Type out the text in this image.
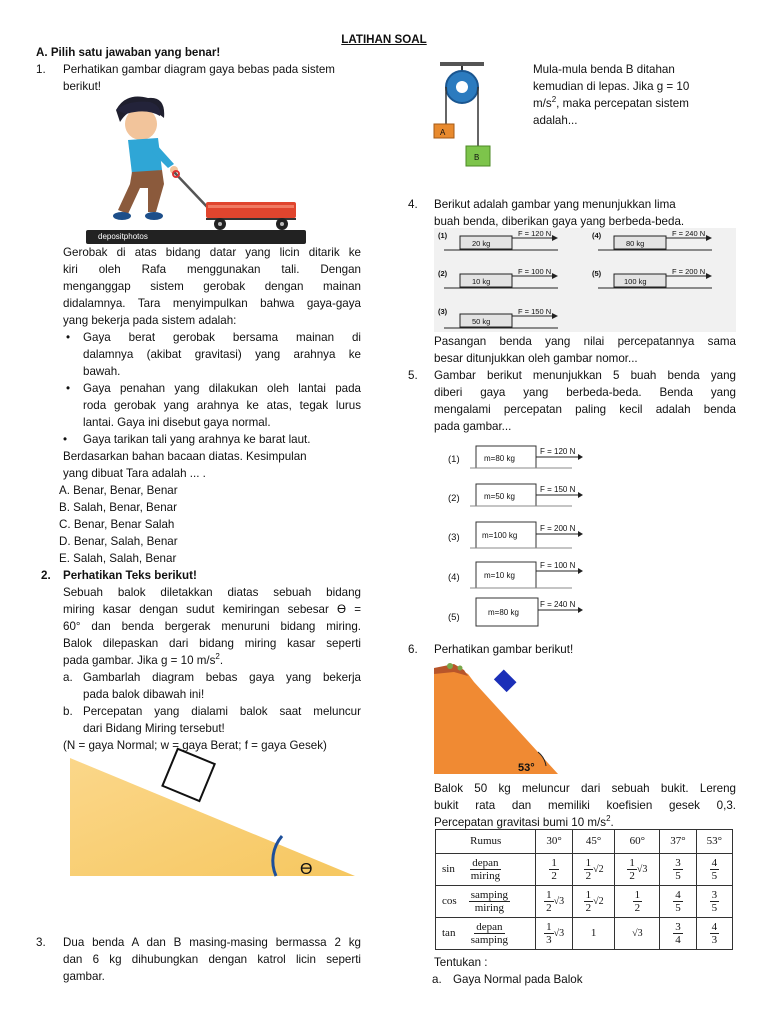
LATIHAN SOAL
A. Pilih satu jawaban yang benar!
1. Perhatikan gambar diagram gaya bebas pada sistem
berikut!
depositphotos
Gerobak di atas bidang datar yang licin ditarik ke
kiri oleh Rafa menggunakan tali. Dengan
menganggap sistem gerobak dengan mainan
didalamnya. Tara menyimpulkan bahwa gaya-gaya
yang bekerja pada sistem adalah:
• Gaya berat gerobak bersama mainan di
dalamnya (akibat gravitasi) yang arahnya ke
bawah.
• Gaya penahan yang dilakukan oleh lantai pada
roda gerobak yang arahnya ke atas, tegak lurus
lantai. Gaya ini disebut gaya normal.
• Gaya tarikan tali yang arahnya ke barat laut.
Berdasarkan bahan bacaan diatas. Kesimpulan
yang dibuat Tara adalah ... .
A. Benar, Benar, Benar
B. Salah, Benar, Benar
C. Benar, Benar Salah
D. Benar, Salah, Benar
E. Salah, Salah, Benar
2. Perhatikan Teks berikut!
Sebuah balok diletakkan diatas sebuah bidang
miring kasar dengan sudut kemiringan sebesar Ɵ =
60° dan benda bergerak menuruni bidang miring.
Balok dilepaskan dari bidang miring kasar seperti
pada gambar. Jika g = 10 $m/s^2$.
a. Gambarlah diagram bebas gaya yang bekerja
pada balok dibawah ini!
b. Percepatan yang dialami balok saat meluncur
dari Bidang Miring tersebut!
(N = gaya Normal; w = gaya Berat; f = gaya Gesek)
Ɵ
3. Dua benda A dan B masing-masing bermassa 2 kg
dan 6 kg dihubungkan dengan katrol licin seperti
gambar.
A
B
Mula-mula benda B ditahan
kemudian di lepas. Jika g = 10
$m/s^2$, maka percepatan sistem
adalah...
4. Berikut adalah gambar yang menunjukkan lima
buah benda, diberikan gaya yang berbeda-beda.
(1)
20 kg
F = 120 N	(4)
80 kg
F = 240 N
(2)
10 kg
F = 100 N	(5)
100 kg
F = 200 N
(3)
50 kg
F = 150 N
Pasangan benda yang nilai percepatannya sama
besar ditunjukkan oleh gambar nomor...
5. Gambar berikut menunjukkan 5 buah benda yang
diberi gaya yang berbeda-beda. Benda yang
mengalami percepatan paling kecil adalah benda
pada gambar...
(1)	m=80 kg
F = 120 N
(2)	m=50 kg
F = 150 N
(3)	m=100 kg
F = 200 N
(4)	m=10 kg
F = 100 N
(5)	m=80 kg
F = 240 N
6. Perhatikan gambar berikut!
53°
Balok 50 kg meluncur dari sebuah bukit. Lereng
bukit rata dan memiliki koefisien gesek 0,3.
Percepatan gravitasi bumi 10 $m/s^2$.
Rumus	30°	45°	60°	37°	53°
$\sin \frac{\text{depan}}{\text{miring}}$	$\frac{1}{2}$	$\frac{1}{2} √2$	$\frac{1}{2} √3$	$\frac{3}{5}$	$\frac{4}{5}$

$\cos \frac{\text{samping}}{\text{miring}}$	$\frac{1}{2} √3$	$\frac{1}{2} √2$	$\frac{1}{2}$	$\frac{4}{5}$	$\frac{3}{5}$

$\tan \frac{\text{depan}}{\text{samping}}$	$\frac{1}{3} √3$	1	√3	$\frac{3}{4}$	$\frac{4}{3}$
Tentukan :
a. Gaya Normal pada Balok
